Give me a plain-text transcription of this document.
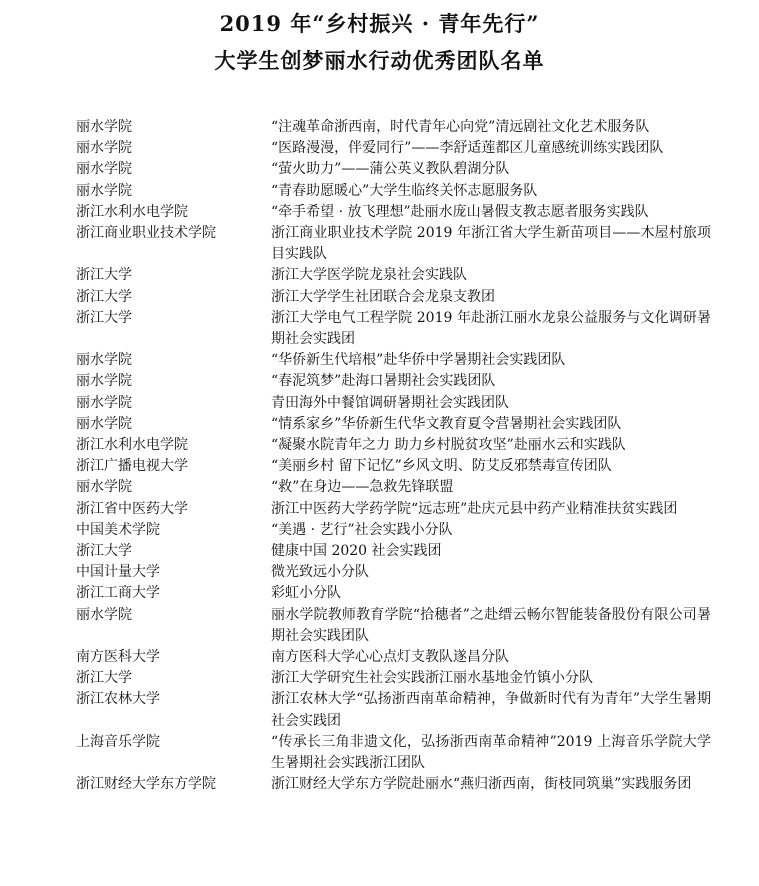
2019 年“乡村振兴 · 青年先行”
大学生创梦丽水行动优秀团队名单
丽水学院	“注魂革命浙西南，时代青年心向党”清远剧社文化艺术服务队
丽水学院	“医路漫漫，伴爱同行”——李舒适莲都区儿童感统训练实践团队
丽水学院	“萤火助力”——蒲公英义教队碧湖分队
丽水学院	“青春助愿暖心”大学生临终关怀志愿服务队
浙江水利水电学院	“牵手希望 · 放飞理想”赴丽水庞山暑假支教志愿者服务实践队
浙江商业职业技术学院	浙江商业职业技术学院 2019 年浙江省大学生新苗项目——木屋村旅项目实践队
浙江大学	浙江大学医学院龙泉社会实践队
浙江大学	浙江大学学生社团联合会龙泉支教团
浙江大学	浙江大学电气工程学院 2019 年赴浙江丽水龙泉公益服务与文化调研暑期社会实践团
丽水学院	“华侨新生代培根”赴华侨中学暑期社会实践团队
丽水学院	“春泥筑梦”赴海口暑期社会实践团队
丽水学院	青田海外中餐馆调研暑期社会实践团队
丽水学院	“情系家乡”华侨新生代华文教育夏令营暑期社会实践团队
浙江水利水电学院	“凝聚水院青年之力 助力乡村脱贫攻坚”赴丽水云和实践队
浙江广播电视大学	“美丽乡村 留下记忆”乡风文明、防艾反邪禁毒宣传团队
丽水学院	“救”在身边——急救先锋联盟
浙江省中医药大学	浙江中医药大学药学院“远志班”赴庆元县中药产业精准扶贫实践团
中国美术学院	“美遇 · 艺行”社会实践小分队
浙江大学	健康中国 2020 社会实践团
中国计量大学	微光致远小分队
浙江工商大学	彩虹小分队
丽水学院	丽水学院教师教育学院“拾穗者”之赴缙云畅尔智能装备股份有限公司暑期社会实践团队
南方医科大学	南方医科大学心心点灯支教队遂昌分队
浙江大学	浙江大学研究生社会实践浙江丽水基地金竹镇小分队
浙江农林大学	浙江农林大学“弘扬浙西南革命精神，争做新时代有为青年”大学生暑期社会实践团
上海音乐学院	“传承长三角非遗文化，弘扬浙西南革命精神”2019 上海音乐学院大学生暑期社会实践浙江团队
浙江财经大学东方学院	浙江财经大学东方学院赴丽水“燕归浙西南，街枝同筑巢”实践服务团
